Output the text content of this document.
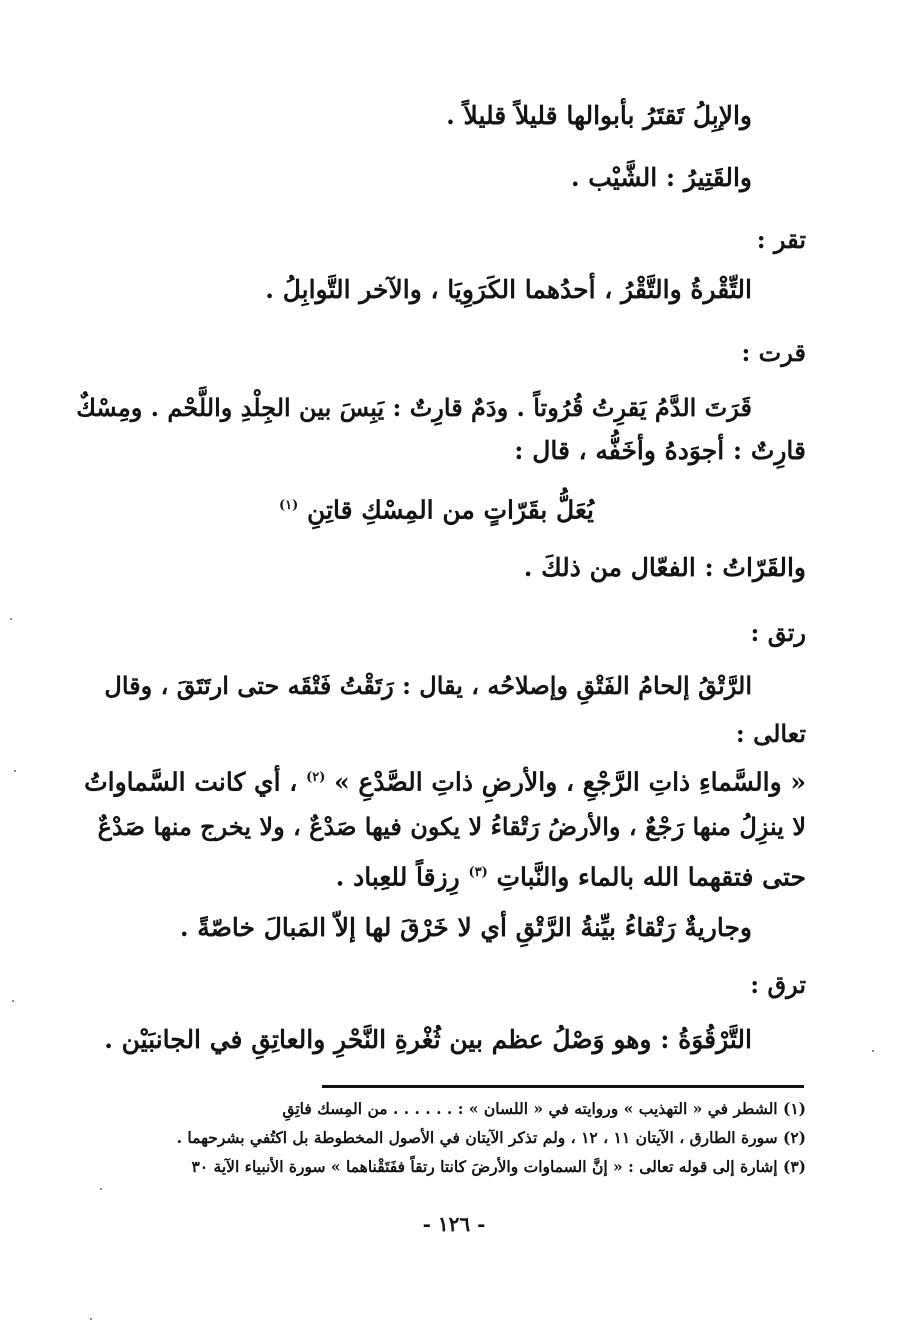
والإبِلُ تَقتَرُ بأبوالها قليلاً قليلاً .
والقَتِيرُ : الشَّيْب .
تقر :
التِّقْرةُ والتَّقْرُ ، أحدُهما الكَرَوِيَا ، والآخر التَّوابِلُ .
قرت :
قَرَتَ الدَّمُ يَقرِتُ قُرُوتاً . ودَمٌ قارِتٌ : يَبِسَ بين الجِلْدِ واللَّحْم . ومِسْكٌ
قارِتٌ : أجوَدهُ وأخَفُّه ، قال :
يُعَلُّ بقَرّاتٍ من المِسْكِ قاتِنِ $^{(١)}$
والقَرّاتُ : الفعّال من ذلكَ .
رتق :
الرَّتْقُ إلحامُ الفَتْقِ وإصلاحُه ، يقال : رَتَقْتُ فَتْقَه حتى ارتَتَقَ ، وقال
تعالى :
« والسَّماءِ ذاتِ الرَّجْعِ ، والأرضِ ذاتِ الصَّدْعِ » $^{(٢)}$ ، أي كانت السَّماواتُ
لا ينزِلُ منها رَجْعٌ ، والأرضُ رَتْقاءُ لا يكون فيها صَدْعٌ ، ولا يخرج منها صَدْعٌ
حتى فتقهما الله بالماء والنَّباتِ $^{(٣)}$ رِزقاً للعِباد .
وجاريةٌ رَتْقاءُ بيِّنةُ الرَّتْقِ أي لا خَرْقَ لها إلاّ المَبالَ خاصّةً .
ترق :
التَّرْقُوَةُ : وهو وَصْلُ عظم بين ثُغْرةِ النَّحْرِ والعاتِقِ في الجانبَيْن .
(١) الشطر في « التهذيب » وروايته في « اللسان » : . . . . . . من المِسك فاتِقِ
(٢) سورة الطارق ، الآيتان ١١ ، ١٢ ، ولم تذكر الآيتان في الأصول المخطوطة بل اكتُفي بشرحهما .
(٣) إشارة إلى قوله تعالى : « إنَّ السماوات والأرضَ كانتا رتقاً ففَتَقْناهما » سورة الأنبياء الآية ٣٠
- ١٢٦ -
